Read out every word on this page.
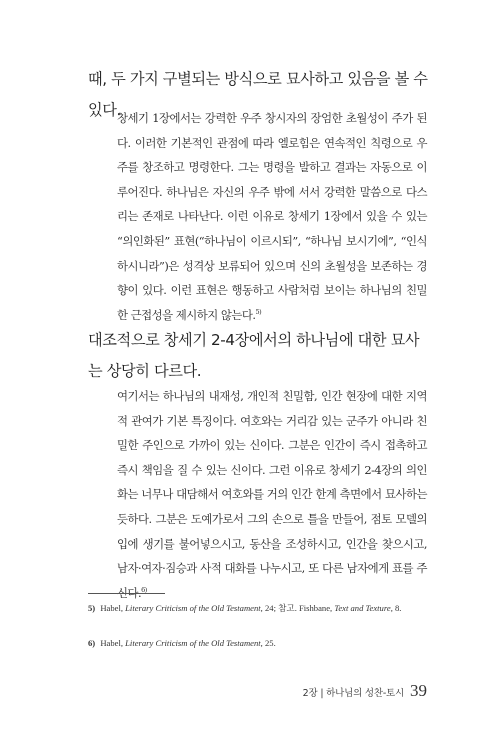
때, 두 가지 구별되는 방식으로 묘사하고 있음을 볼 수 있다.

창세기 1장에서는 강력한 우주 창시자의 장엄한 초월성이 주가 된다. 이러한 기본적인 관점에 따라 엘로힘은 연속적인 칙령으로 우주를 창조하고 명령한다. 그는 명령을 발하고 결과는 자동으로 이루어진다. 하나님은 자신의 우주 밖에 서서 강력한 말씀으로 다스리는 존재로 나타난다. 이런 이유로 창세기 1장에서 있을 수 있는 “의인화된” 표현(“하나님이 이르시되”, “하나님 보시기에”, “인식하시니라”)은 성격상 보류되어 있으며 신의 초월성을 보존하는 경향이 있다. 이런 표현은 행동하고 사람처럼 보이는 하나님의 친밀한 근접성을 제시하지 않는다.$^{5)}$

대조적으로 창세기 2-4장에서의 하나님에 대한 묘사는 상당히 다르다.

여기서는 하나님의 내재성, 개인적 친밀함, 인간 현장에 대한 지역적 관여가 기본 특징이다. 여호와는 거리감 있는 군주가 아니라 친밀한 주인으로 가까이 있는 신이다. 그분은 인간이 즉시 접촉하고 즉시 책임을 질 수 있는 신이다. 그런 이유로 창세기 2-4장의 의인화는 너무나 대담해서 여호와를 거의 인간 한계 측면에서 묘사하는 듯하다. 그분은 도예가로서 그의 손으로 틀을 만들어, 점토 모델의 입에 생기를 불어넣으시고, 동산을 조성하시고, 인간을 찾으시고, 남자·여자·짐승과 사적 대화를 나누시고, 또 다른 남자에게 표를 주신다.$^{6)}$

5) Habel, Literary Criticism of the Old Testament, 24; 참고. Fishbane, Text and Texture, 8.

6) Habel, Literary Criticism of the Old Testament, 25.

2장 | 하나님의 성찬-토시 39
